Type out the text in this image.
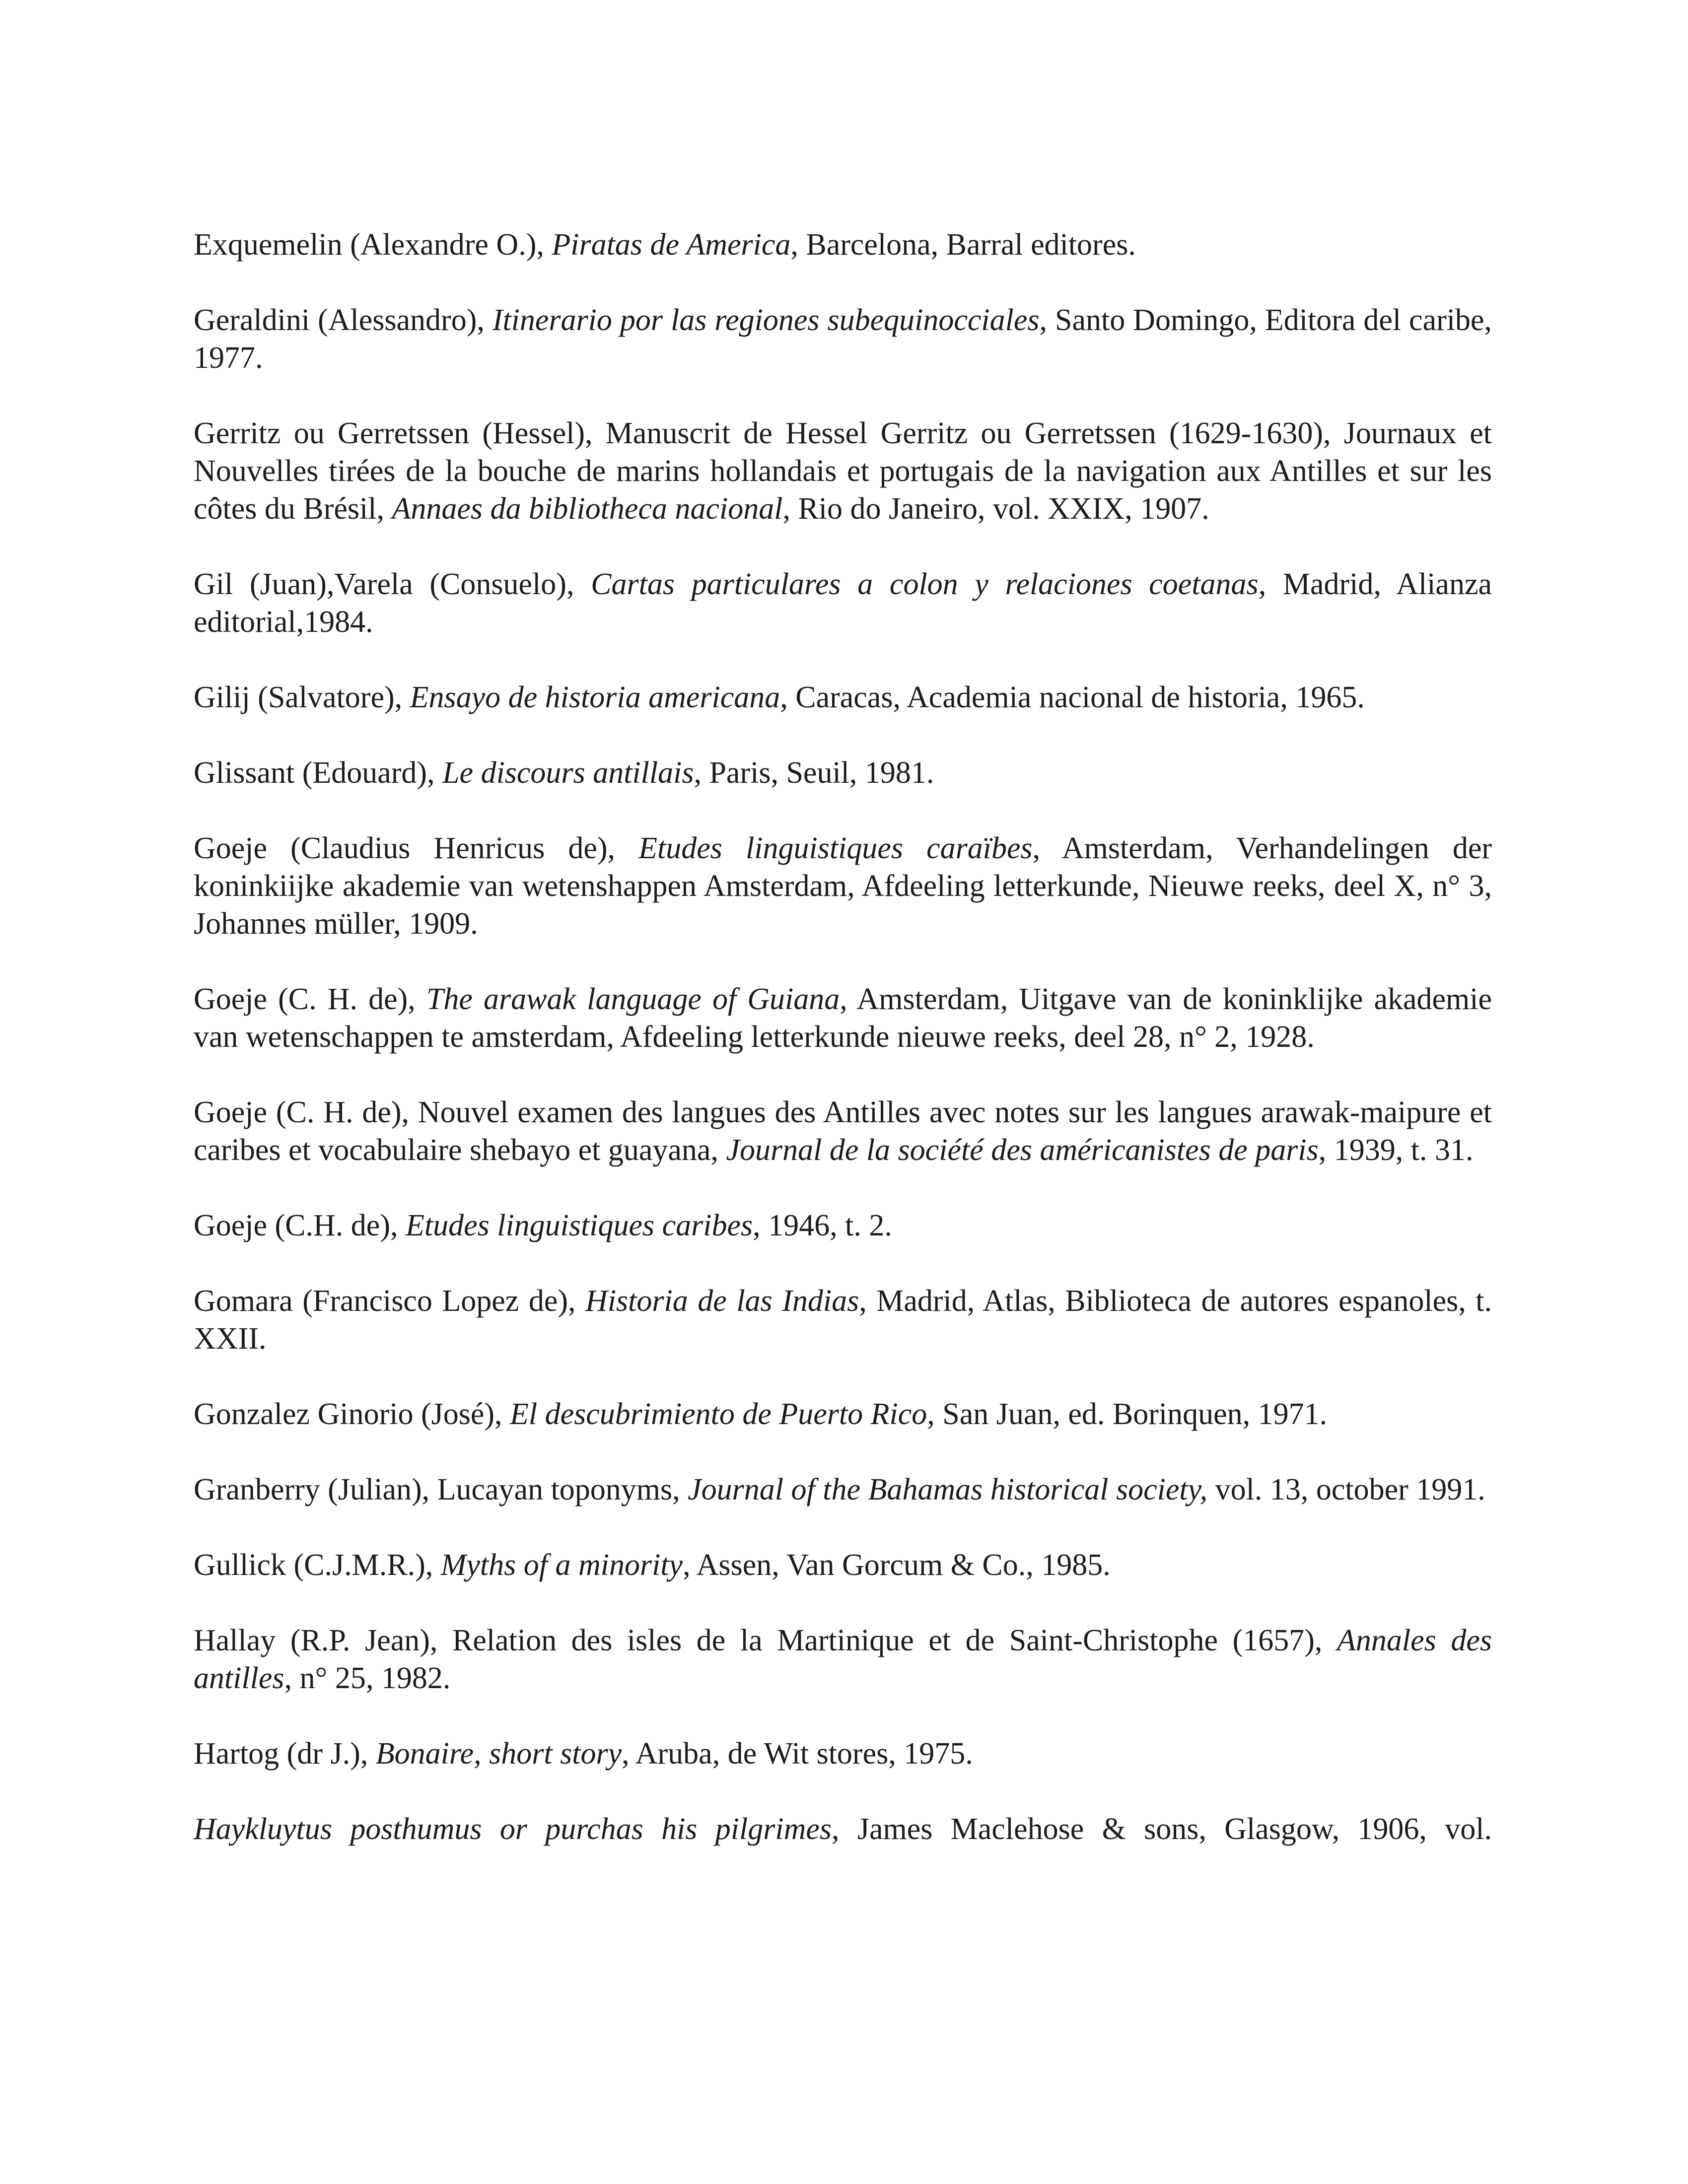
Exquemelin (Alexandre O.), Piratas de America, Barcelona, Barral editores.

Geraldini (Alessandro), Itinerario por las regiones subequinocciales, Santo Domingo, Editora del caribe, 1977.

Gerritz ou Gerretssen (Hessel), Manuscrit de Hessel Gerritz ou Gerretssen (1629-1630), Journaux et Nouvelles tirées de la bouche de marins hollandais et portugais de la navigation aux Antilles et sur les côtes du Brésil, Annaes da bibliotheca nacional, Rio do Janeiro, vol. XXIX, 1907.

Gil (Juan),Varela (Consuelo), Cartas particulares a colon y relaciones coetanas, Madrid, Alianza editorial,1984.

Gilij (Salvatore), Ensayo de historia americana, Caracas, Academia nacional de historia, 1965.

Glissant (Edouard), Le discours antillais, Paris, Seuil, 1981.

Goeje (Claudius Henricus de), Etudes linguistiques caraïbes, Amsterdam, Verhandelingen der koninkiijke akademie van wetenshappen Amsterdam, Afdeeling letterkunde, Nieuwe reeks, deel X, n° 3, Johannes müller, 1909.

Goeje (C. H. de), The arawak language of Guiana, Amsterdam, Uitgave van de koninklijke akademie van wetenschappen te amsterdam, Afdeeling letterkunde nieuwe reeks, deel 28, n° 2, 1928.

Goeje (C. H. de), Nouvel examen des langues des Antilles avec notes sur les langues arawak-maipure et caribes et vocabulaire shebayo et guayana, Journal de la société des américanistes de paris, 1939, t. 31.

Goeje (C.H. de), Etudes linguistiques caribes, 1946, t. 2.

Gomara (Francisco Lopez de), Historia de las Indias, Madrid, Atlas, Biblioteca de autores espanoles, t. XXII.

Gonzalez Ginorio (José), El descubrimiento de Puerto Rico, San Juan, ed. Borinquen, 1971.

Granberry (Julian), Lucayan toponyms, Journal of the Bahamas historical society, vol. 13, october 1991.

Gullick (C.J.M.R.), Myths of a minority, Assen, Van Gorcum & Co., 1985.

Hallay (R.P. Jean), Relation des isles de la Martinique et de Saint-Christophe (1657), Annales des antilles, n° 25, 1982.

Hartog (dr J.), Bonaire, short story, Aruba, de Wit stores, 1975.

Haykluytus posthumus or purchas his pilgrimes, James Maclehose & sons, Glasgow, 1906, vol.
